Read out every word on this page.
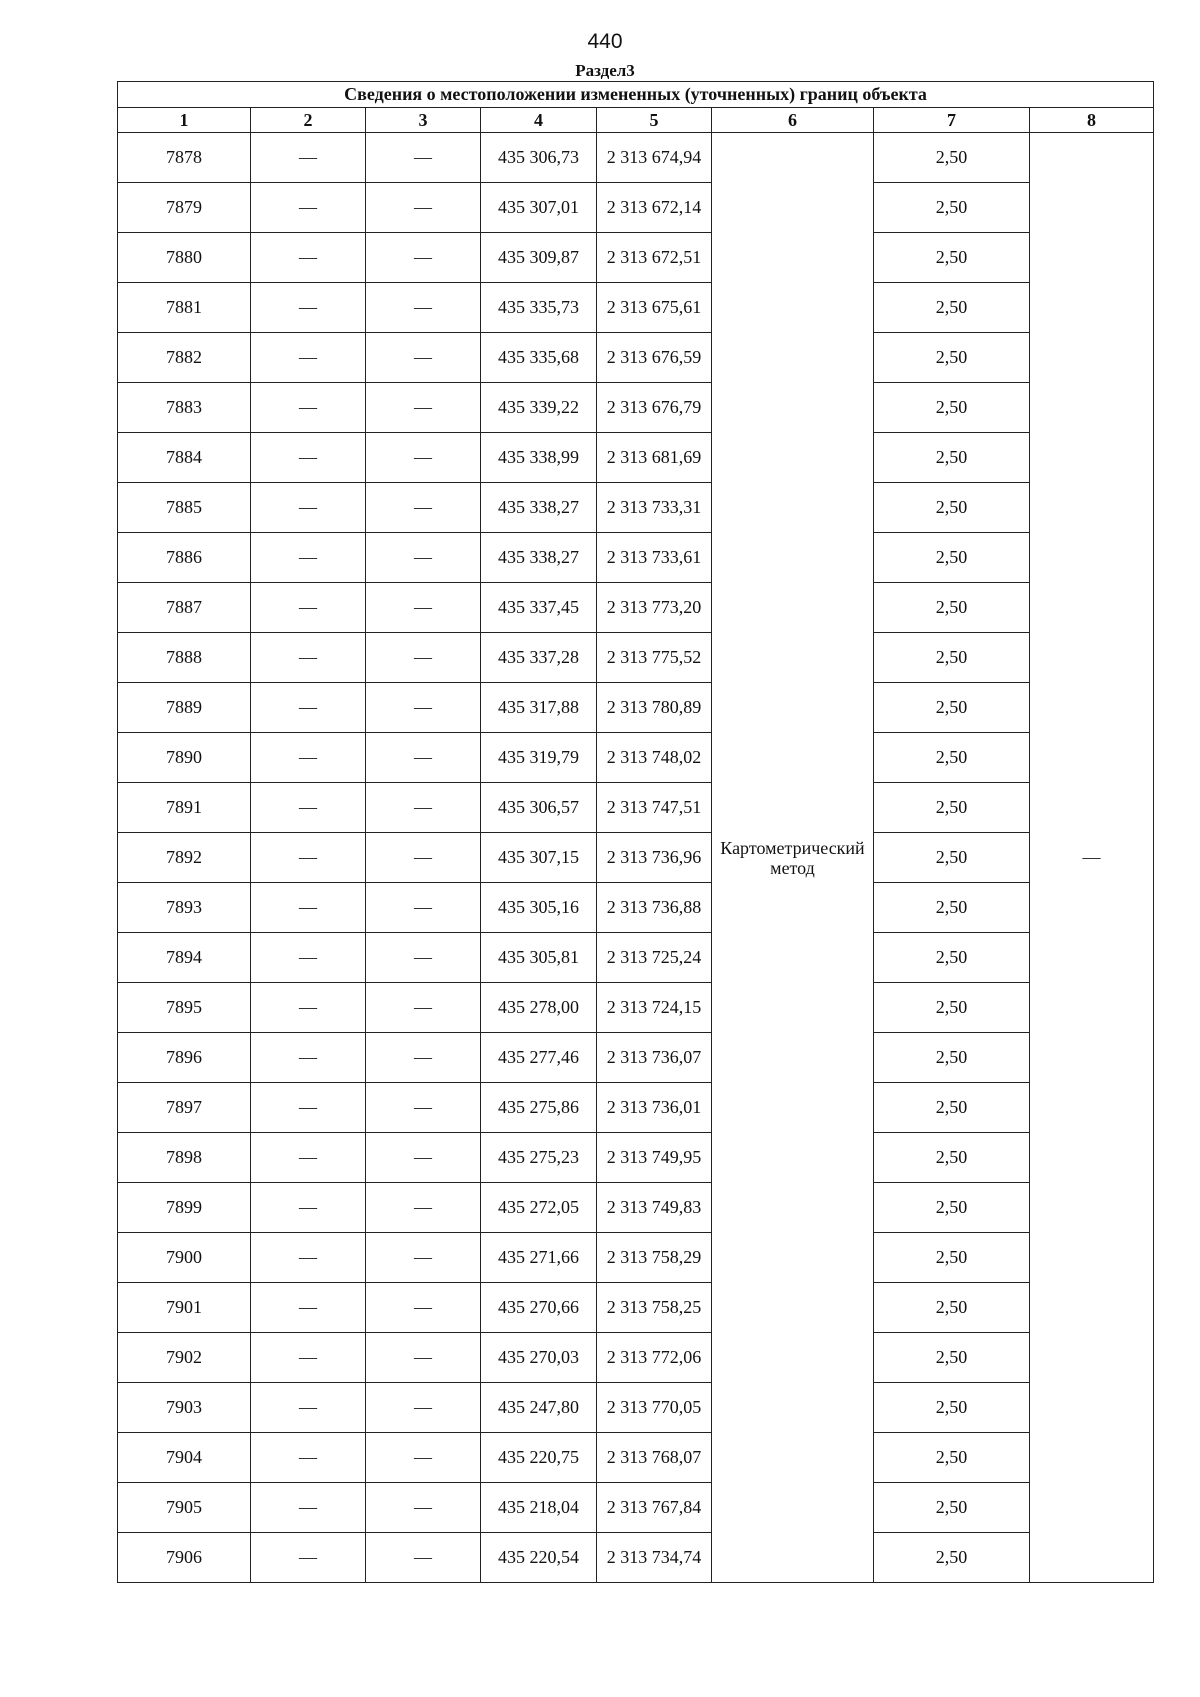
440
Раздел3
Сведения о местоположении измененных (уточненных) границ объекта							
1	2	3	4	5	6	7	8
7878	—	—	435 306,73	2 313 674,94	Картометрический метод	2,50	—
7879	—	—	435 307,01	2 313 672,14		2,50	
7880	—	—	435 309,87	2 313 672,51		2,50	
7881	—	—	435 335,73	2 313 675,61		2,50	
7882	—	—	435 335,68	2 313 676,59		2,50	
7883	—	—	435 339,22	2 313 676,79		2,50	
7884	—	—	435 338,99	2 313 681,69		2,50	
7885	—	—	435 338,27	2 313 733,31		2,50	
7886	—	—	435 338,27	2 313 733,61		2,50	
7887	—	—	435 337,45	2 313 773,20		2,50	
7888	—	—	435 337,28	2 313 775,52		2,50	
7889	—	—	435 317,88	2 313 780,89		2,50	
7890	—	—	435 319,79	2 313 748,02		2,50	
7891	—	—	435 306,57	2 313 747,51		2,50	
7892	—	—	435 307,15	2 313 736,96		2,50	
7893	—	—	435 305,16	2 313 736,88		2,50	
7894	—	—	435 305,81	2 313 725,24		2,50	
7895	—	—	435 278,00	2 313 724,15		2,50	
7896	—	—	435 277,46	2 313 736,07		2,50	
7897	—	—	435 275,86	2 313 736,01		2,50	
7898	—	—	435 275,23	2 313 749,95		2,50	
7899	—	—	435 272,05	2 313 749,83		2,50	
7900	—	—	435 271,66	2 313 758,29		2,50	
7901	—	—	435 270,66	2 313 758,25		2,50	
7902	—	—	435 270,03	2 313 772,06		2,50	
7903	—	—	435 247,80	2 313 770,05		2,50	
7904	—	—	435 220,75	2 313 768,07		2,50	
7905	—	—	435 218,04	2 313 767,84		2,50	
7906	—	—	435 220,54	2 313 734,74		2,50	
